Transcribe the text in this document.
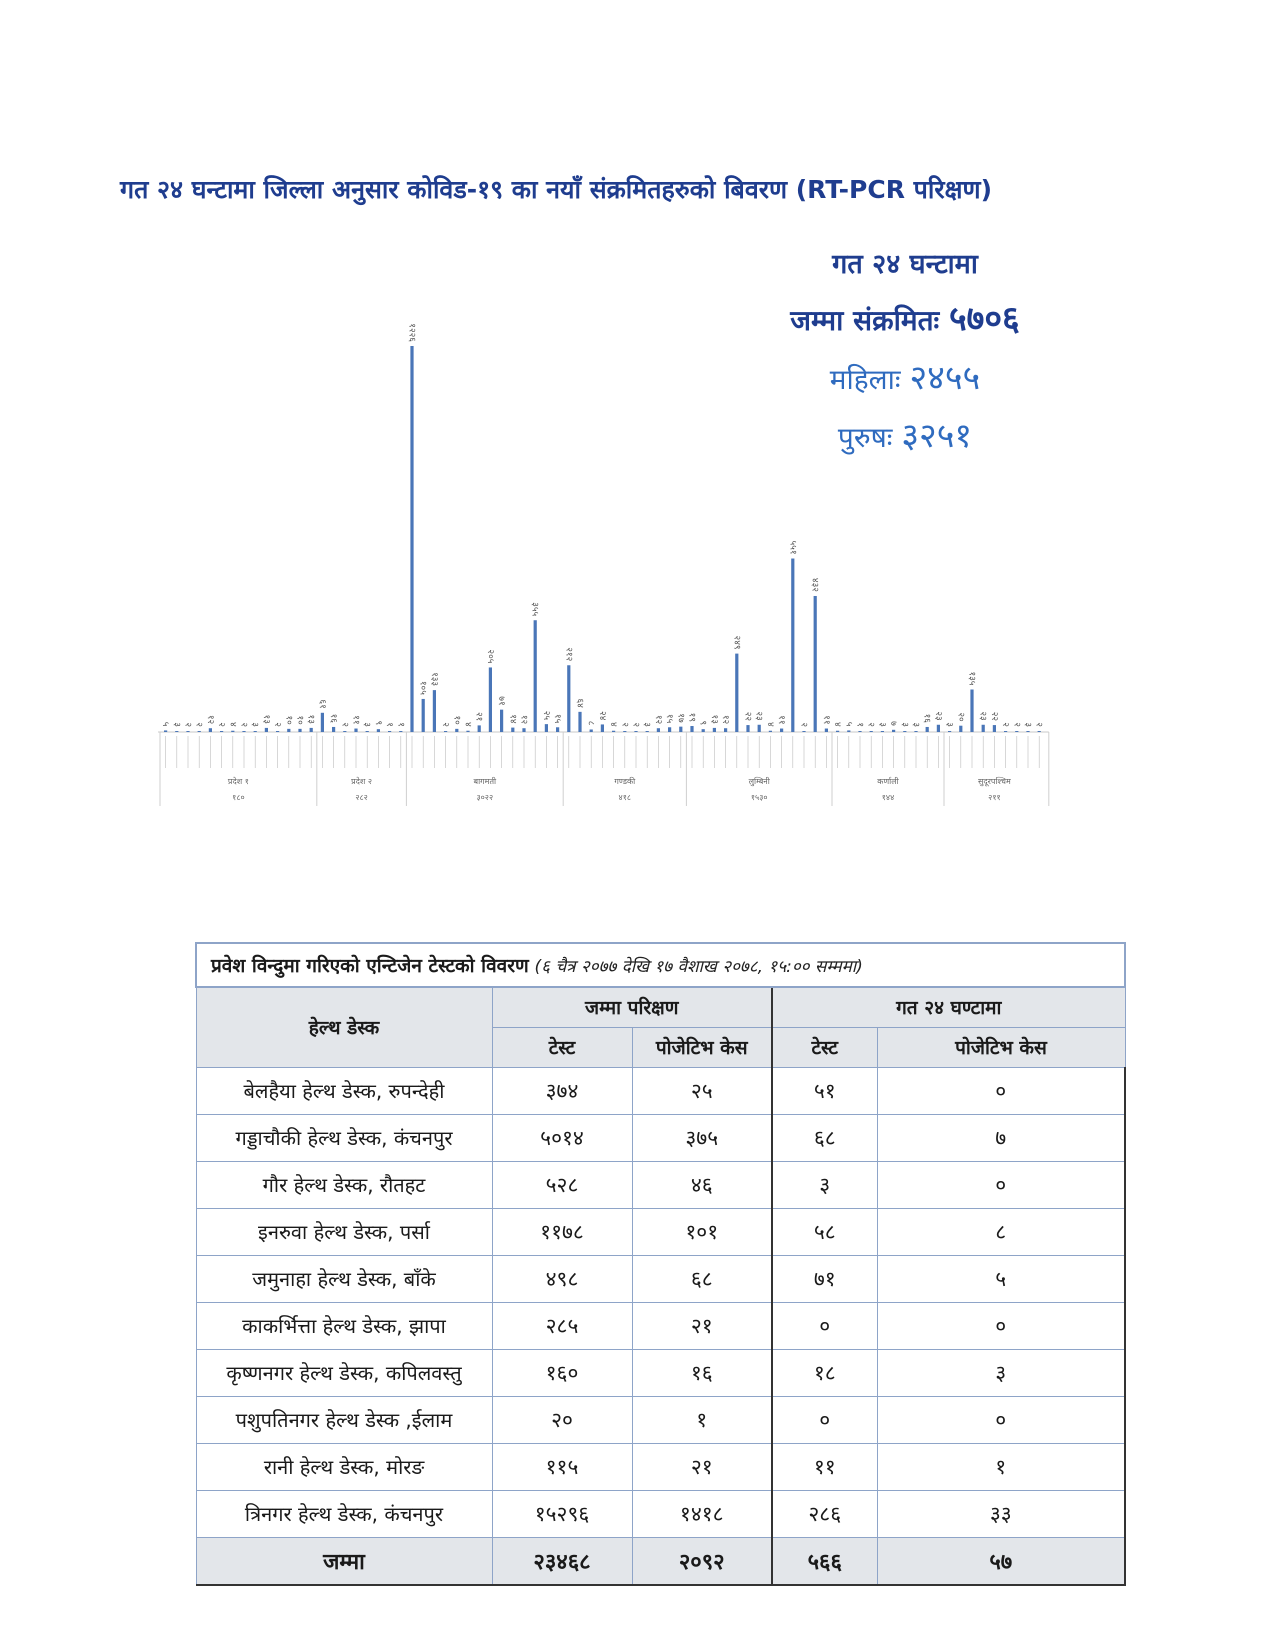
गत २४ घन्टामा जिल्ला अनुसार कोविड-१९ का नयाँ संक्रमितहरुको बिवरण (RT-PCR परिक्षण)
गत २४ घन्टामा
जम्मा संक्रमितः ५७०६
महिलाः २४५५
पुरुषः ३२५१
५ ३ २ २
१२
२ ४ २ ३
१३
२ १० १० १३
६१
१६
२
११
३ ९ १ १
१२२६
१०५
१३३
२ १० ४
२१
२०५
७१
१४ १२
३५५
२५ १५
२१२
६४
८
२४
४ २ २ ३
१२ १५ १७ १९
९ १३ १२
२४९
२२ २३
४ ११
५५१
२
४३२
११ ४ ५ १ २ ३ ७ ३ ३
१६ २३
३
२०
१३५
२३ २२
२ २ ३ २
प्रदेश १
१८०
प्रदेश २
२८२
बागमती
३०२२
गण्डकी
४१८
लुम्बिनी
१५३०
कर्णाली
१४४
सुदूरपश्चिम
२११
प्रवेश विन्दुमा गरिएको एन्टिजेन टेस्टको विवरण (६ चैत्र २०७७ देखि १७ वैशाख २०७८, १५:०० सम्ममा)				
हेल्थ डेस्क	जम्मा परिक्षण		गत २४ घण्टामा	
	टेस्ट	पोजेटिभ केस	टेस्ट	पोजेटिभ केस
बेलहैया हेल्थ डेस्क, रुपन्देही	३७४	२५	५१	०
गड्डाचौकी हेल्थ डेस्क, कंचनपुर	५०१४	३७५	६८	७
गौर हेल्थ डेस्क, रौतहट	५२८	४६	३	०
इनरुवा हेल्थ डेस्क, पर्सा	११७८	१०१	५८	८
जमुनाहा हेल्थ डेस्क, बाँके	४९८	६८	७१	५
काकर्भित्ता हेल्थ डेस्क, झापा	२८५	२१	०	०
कृष्णनगर हेल्थ डेस्क, कपिलवस्तु	१६०	१६	१८	३
पशुपतिनगर हेल्थ डेस्क ,ईलाम	२०	१	०	०
रानी हेल्थ डेस्क, मोरङ	११५	२१	११	१
त्रिनगर हेल्थ डेस्क, कंचनपुर	१५२९६	१४१८	२८६	३३
जम्मा	२३४६८	२०९२	५६६	५७
